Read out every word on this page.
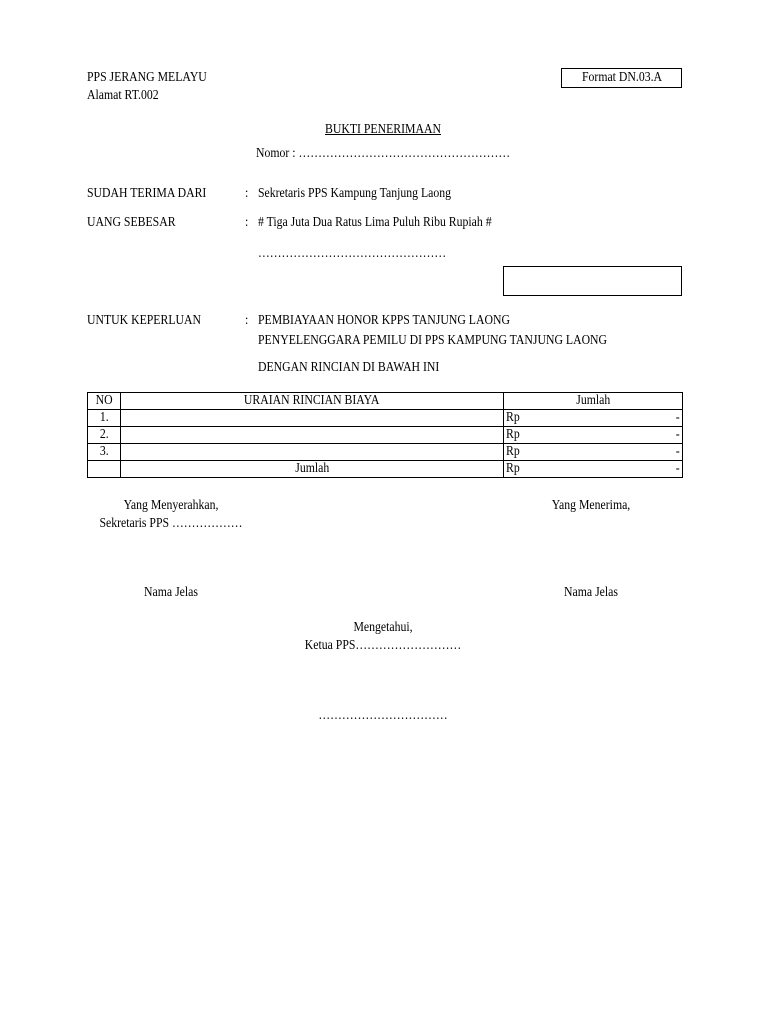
PPS JERANG MELAYU
Alamat RT.002
Format DN.03.A
BUKTI PENERIMAAN
Nomor : ………………………………………………
SUDAH TERIMA DARI	: Sekretaris PPS Kampung Tanjung Laong
UANG SEBESAR	: # Tiga Juta Dua Ratus Lima Puluh Ribu Rupiah #
…………………………………………
UNTUK KEPERLUAN	: PEMBIAYAAN HONOR KPPS TANJUNG LAONG
PENYELENGGARA PEMILU DI PPS KAMPUNG TANJUNG LAONG
DENGAN RINCIAN DI BAWAH INI
NO	URAIAN RINCIAN BIAYA	Jumlah
1.		Rp -

2.		Rp -

3.		Rp -

	Jumlah	Rp -
Yang Menyerahkan,
Sekretaris PPS ………………
Yang Menerima,
Nama Jelas	Nama Jelas
Mengetahui,
Ketua PPS………………………
……………………………
